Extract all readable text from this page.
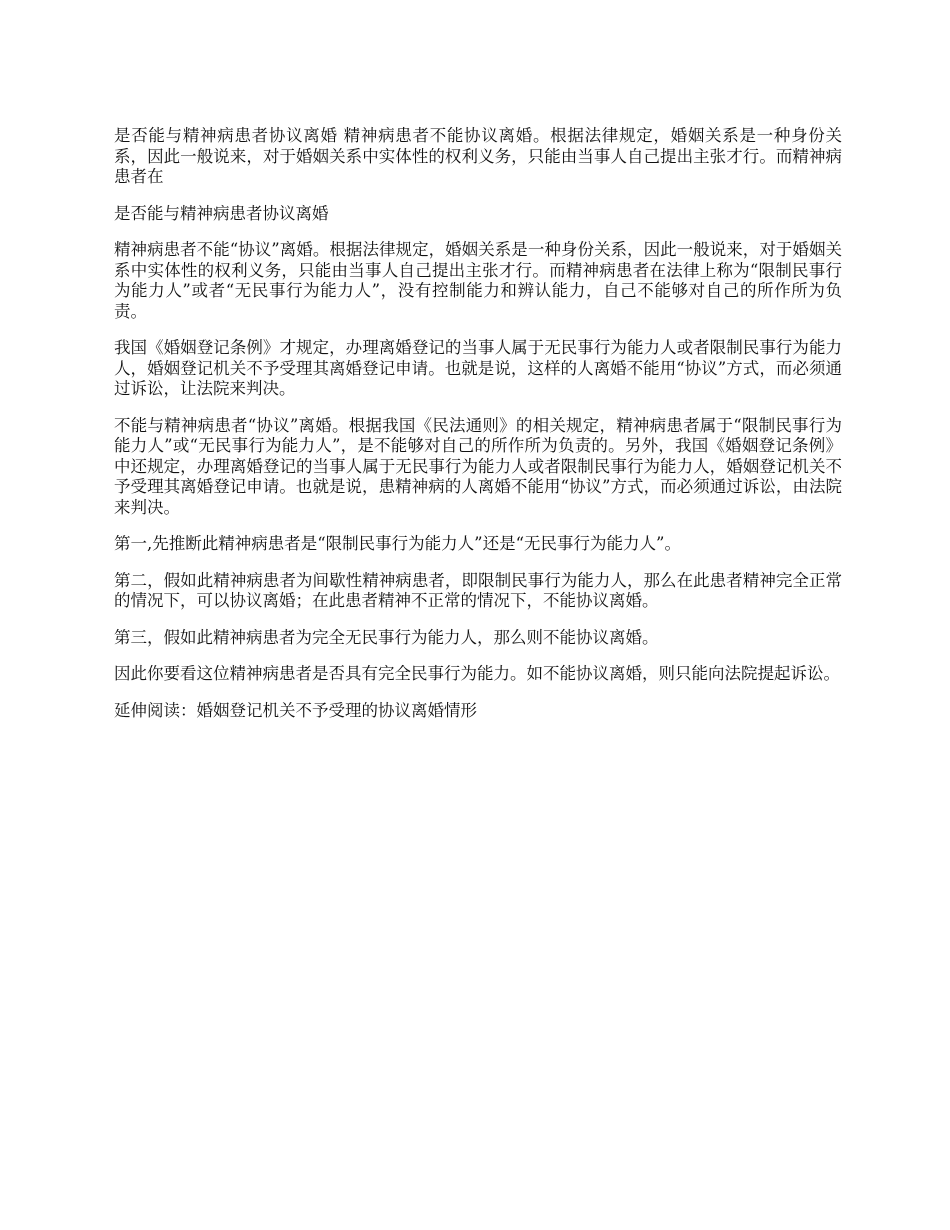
是否能与精神病患者协议离婚 精神病患者不能协议离婚。根据法律规定，婚姻关系是一种身份关系，因此一般说来，对于婚姻关系中实体性的权利义务，只能由当事人自己提出主张才行。而精神病患者在

是否能与精神病患者协议离婚

精神病患者不能“协议”离婚。根据法律规定，婚姻关系是一种身份关系，因此一般说来，对于婚姻关系中实体性的权利义务，只能由当事人自己提出主张才行。而精神病患者在法律上称为“限制民事行为能力人”或者“无民事行为能力人”，没有控制能力和辨认能力，自己不能够对自己的所作所为负责。

我国《婚姻登记条例》才规定，办理离婚登记的当事人属于无民事行为能力人或者限制民事行为能力人，婚姻登记机关不予受理其离婚登记申请。也就是说，这样的人离婚不能用“协议”方式，而必须通过诉讼，让法院来判决。

不能与精神病患者“协议”离婚。根据我国《民法通则》的相关规定，精神病患者属于“限制民事行为能力人”或“无民事行为能力人”，是不能够对自己的所作所为负责的。另外，我国《婚姻登记条例》中还规定，办理离婚登记的当事人属于无民事行为能力人或者限制民事行为能力人，婚姻登记机关不予受理其离婚登记申请。也就是说，患精神病的人离婚不能用“协议”方式，而必须通过诉讼，由法院来判决。

第一,先推断此精神病患者是“限制民事行为能力人”还是“无民事行为能力人”。

第二，假如此精神病患者为间歇性精神病患者，即限制民事行为能力人，那么在此患者精神完全正常的情况下，可以协议离婚；在此患者精神不正常的情况下，不能协议离婚。

第三，假如此精神病患者为完全无民事行为能力人，那么则不能协议离婚。

因此你要看这位精神病患者是否具有完全民事行为能力。如不能协议离婚，则只能向法院提起诉讼。

延伸阅读：婚姻登记机关不予受理的协议离婚情形
